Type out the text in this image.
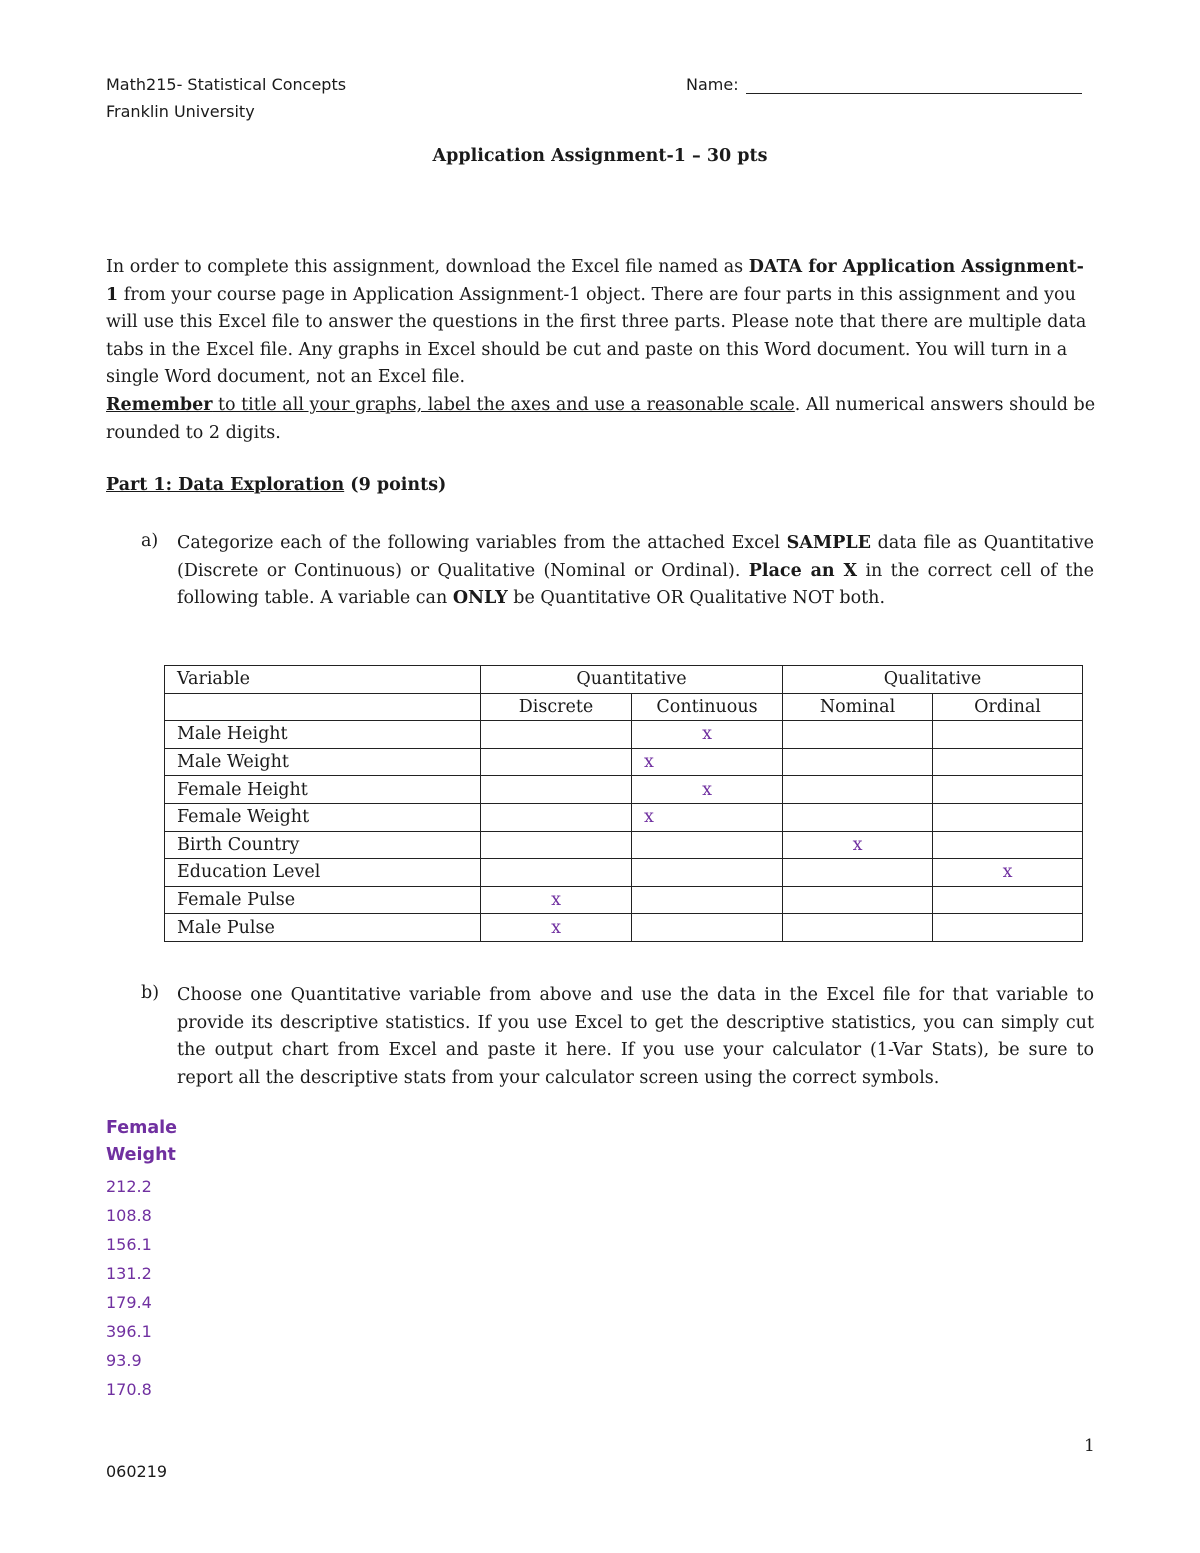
Math215- Statistical Concepts
Franklin University
Name:
Application Assignment-1 – 30 pts
In order to complete this assignment, download the Excel file named as DATA for Application Assignment-1 from your course page in Application Assignment-1 object. There are four parts in this assignment and you will use this Excel file to answer the questions in the first three parts. Please note that there are multiple data tabs in the Excel file. Any graphs in Excel should be cut and paste on this Word document. You will turn in a single Word document, not an Excel file.
Remember to title all your graphs, label the axes and use a reasonable scale. All numerical answers should be rounded to 2 digits.
Part 1: Data Exploration (9 points)
a) Categorize each of the following variables from the attached Excel SAMPLE data file as Quantitative (Discrete or Continuous) or Qualitative (Nominal or Ordinal). Place an X in the correct cell of the following table. A variable can ONLY be Quantitative OR Qualitative NOT both.
Variable	Quantitative		Qualitative	
	Discrete	Continuous	Nominal	Ordinal
Male Height		x		
Male Weight		x		
Female Height		x		
Female Weight		x		
Birth Country			x	
Education Level				x
Female Pulse	x			
Male Pulse	x			
b) Choose one Quantitative variable from above and use the data in the Excel file for that variable to provide its descriptive statistics. If you use Excel to get the descriptive statistics, you can simply cut the output chart from Excel and paste it here. If you use your calculator (1-Var Stats), be sure to report all the descriptive stats from your calculator screen using the correct symbols.
Female
Weight
212.2
108.8
156.1
131.2
179.4
396.1
93.9
170.8
1
060219
